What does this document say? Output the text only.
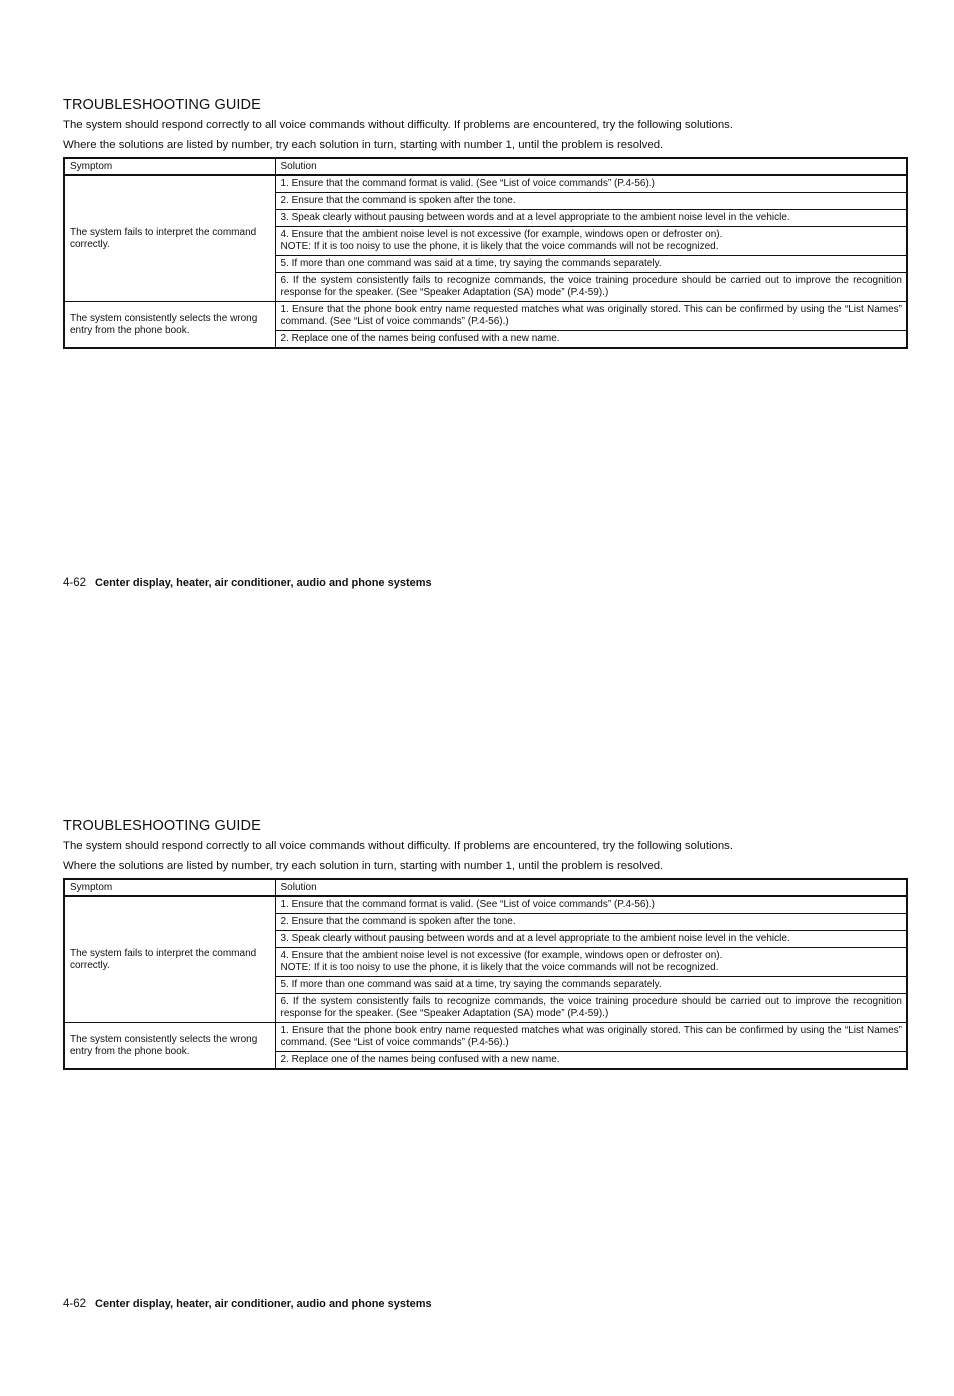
TROUBLESHOOTING GUIDE

The system should respond correctly to all voice commands without difficulty. If problems are encountered, try the following solutions.

Where the solutions are listed by number, try each solution in turn, starting with number 1, until the problem is resolved.

Symptom	Solution
The system fails to interpret the command correctly.	1. Ensure that the command format is valid. (See “List of voice commands” (P.4-56).)
	2. Ensure that the command is spoken after the tone.
	3. Speak clearly without pausing between words and at a level appropriate to the ambient noise level in the vehicle.
	4. Ensure that the ambient noise level is not excessive (for example, windows open or defroster on).
NOTE: If it is too noisy to use the phone, it is likely that the voice commands will not be recognized.
	5. If more than one command was said at a time, try saying the commands separately.
	6. If the system consistently fails to recognize commands, the voice training procedure should be carried out to improve the recognition response for the speaker. (See “Speaker Adaptation (SA) mode” (P.4-59).)
The system consistently selects the wrong entry from the phone book.	1. Ensure that the phone book entry name requested matches what was originally stored. This can be confirmed by using the “List Names” command. (See “List of voice commands” (P.4-56).)
	2. Replace one of the names being confused with a new name.
4-62 Center display, heater, air conditioner, audio and phone systems
TROUBLESHOOTING GUIDE

The system should respond correctly to all voice commands without difficulty. If problems are encountered, try the following solutions.

Where the solutions are listed by number, try each solution in turn, starting with number 1, until the problem is resolved.

Symptom	Solution
The system fails to interpret the command correctly.	1. Ensure that the command format is valid. (See “List of voice commands” (P.4-56).)
	2. Ensure that the command is spoken after the tone.
	3. Speak clearly without pausing between words and at a level appropriate to the ambient noise level in the vehicle.
	4. Ensure that the ambient noise level is not excessive (for example, windows open or defroster on).
NOTE: If it is too noisy to use the phone, it is likely that the voice commands will not be recognized.
	5. If more than one command was said at a time, try saying the commands separately.
	6. If the system consistently fails to recognize commands, the voice training procedure should be carried out to improve the recognition response for the speaker. (See “Speaker Adaptation (SA) mode” (P.4-59).)
The system consistently selects the wrong entry from the phone book.	1. Ensure that the phone book entry name requested matches what was originally stored. This can be confirmed by using the “List Names” command. (See “List of voice commands” (P.4-56).)
	2. Replace one of the names being confused with a new name.
4-62 Center display, heater, air conditioner, audio and phone systems
